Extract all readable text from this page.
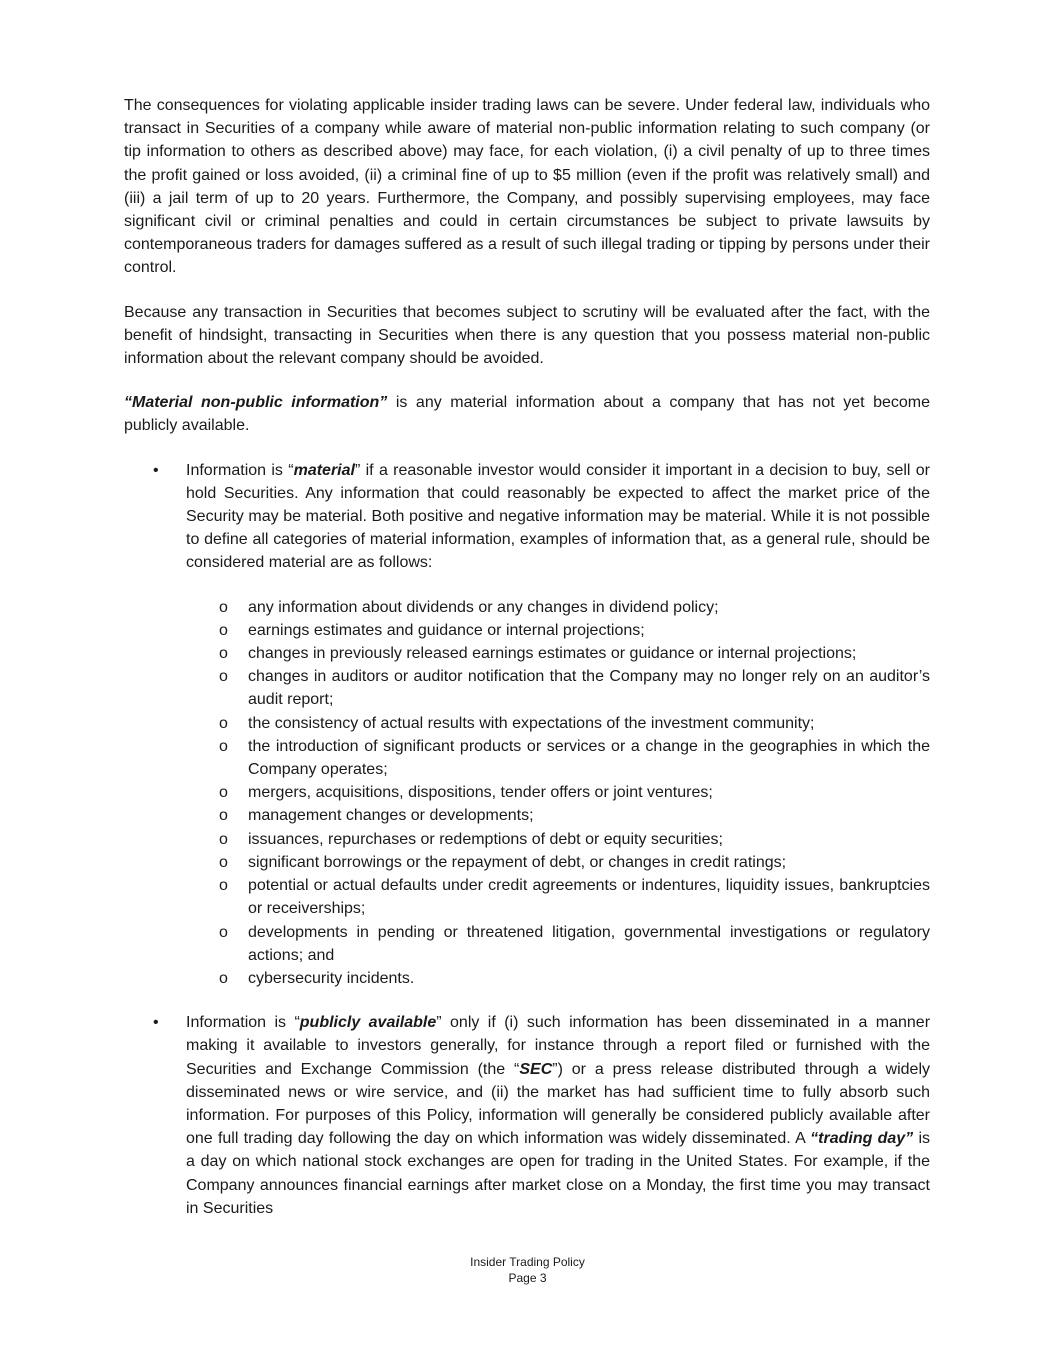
The consequences for violating applicable insider trading laws can be severe. Under federal law, individuals who transact in Securities of a company while aware of material non-public information relating to such company (or tip information to others as described above) may face, for each violation, (i) a civil penalty of up to three times the profit gained or loss avoided, (ii) a criminal fine of up to $5 million (even if the profit was relatively small) and (iii) a jail term of up to 20 years. Furthermore, the Company, and possibly supervising employees, may face significant civil or criminal penalties and could in certain circumstances be subject to private lawsuits by contemporaneous traders for damages suffered as a result of such illegal trading or tipping by persons under their control.

Because any transaction in Securities that becomes subject to scrutiny will be evaluated after the fact, with the benefit of hindsight, transacting in Securities when there is any question that you possess material non-public information about the relevant company should be avoided.

“Material non-public information” is any material information about a company that has not yet become publicly available.

• Information is “material” if a reasonable investor would consider it important in a decision to buy, sell or hold Securities. Any information that could reasonably be expected to affect the market price of the Security may be material. Both positive and negative information may be material. While it is not possible to define all categories of material information, examples of information that, as a general rule, should be considered material are as follows:
o any information about dividends or any changes in dividend policy;
o earnings estimates and guidance or internal projections;
o changes in previously released earnings estimates or guidance or internal projections;
o changes in auditors or auditor notification that the Company may no longer rely on an auditor’s audit report;
o the consistency of actual results with expectations of the investment community;
o the introduction of significant products or services or a change in the geographies in which the Company operates;
o mergers, acquisitions, dispositions, tender offers or joint ventures;
o management changes or developments;
o issuances, repurchases or redemptions of debt or equity securities;
o significant borrowings or the repayment of debt, or changes in credit ratings;
o potential or actual defaults under credit agreements or indentures, liquidity issues, bankruptcies or receiverships;
o developments in pending or threatened litigation, governmental investigations or regulatory actions; and
o cybersecurity incidents.
• Information is “publicly available” only if (i) such information has been disseminated in a manner making it available to investors generally, for instance through a report filed or furnished with the Securities and Exchange Commission (the “SEC”) or a press release distributed through a widely disseminated news or wire service, and (ii) the market has had sufficient time to fully absorb such information. For purposes of this Policy, information will generally be considered publicly available after one full trading day following the day on which information was widely disseminated. A “trading day” is a day on which national stock exchanges are open for trading in the United States. For example, if the Company announces financial earnings after market close on a Monday, the first time you may transact in Securities
Insider Trading Policy
Page 3
